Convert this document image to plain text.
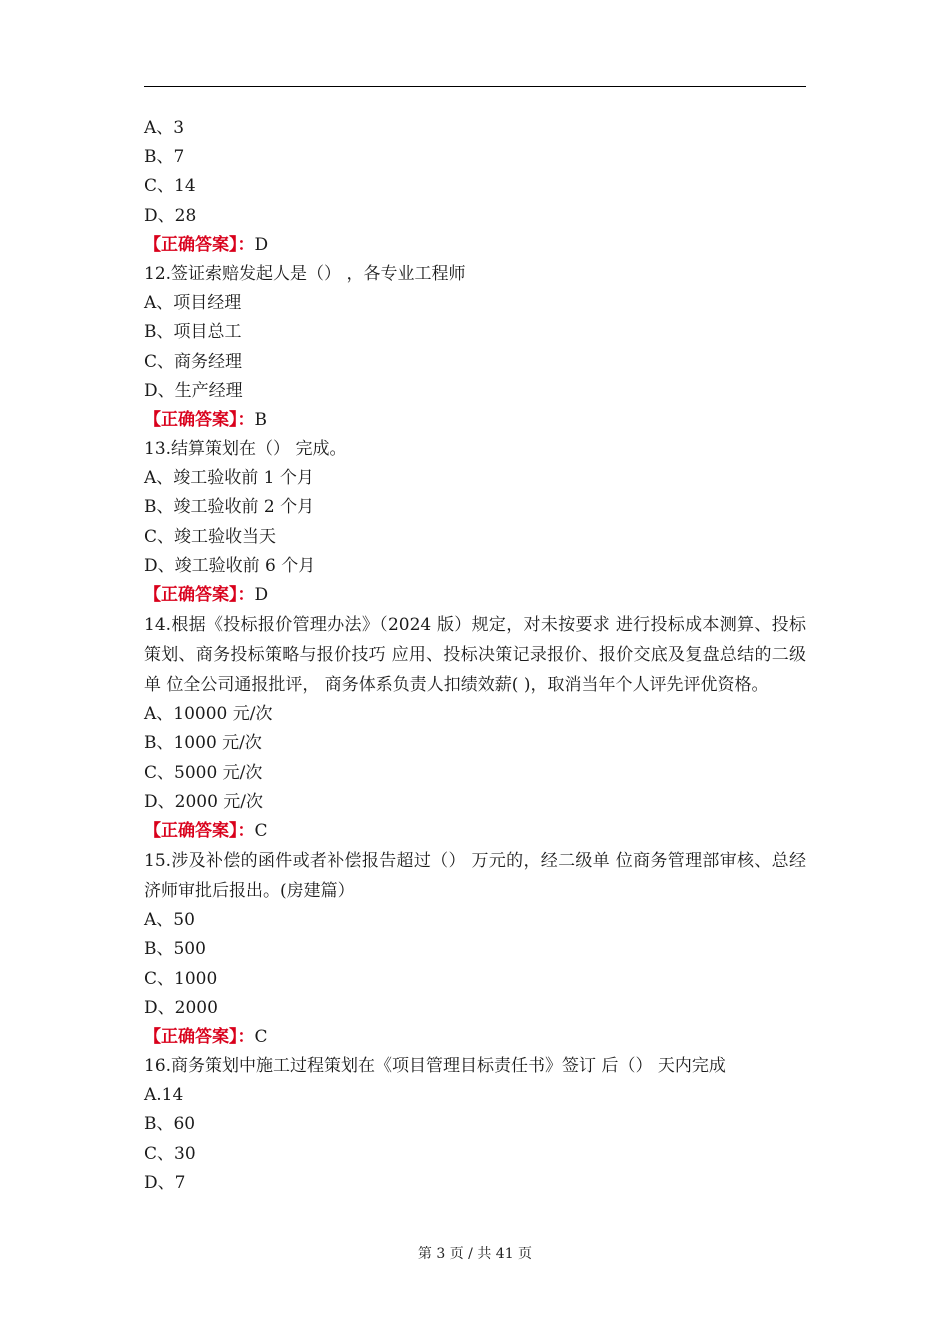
A、3
B、7
C、14
D、28
【正确答案】：D
12.签证索赔发起人是（） ，各专业工程师
A、项目经理
B、项目总工
C、商务经理
D、生产经理
【正确答案】：B
13.结算策划在（） 完成。
A、竣工验收前 1 个月
B、竣工验收前 2 个月
C、竣工验收当天
D、竣工验收前 6 个月
【正确答案】：D
14.根据《投标报价管理办法》（2024 版）规定，对未按要求 进行投标成本测算、投标策划、商务投标策略与报价技巧 应用、投标决策记录报价、报价交底及复盘总结的二级单 位全公司通报批评， 商务体系负责人扣绩效薪( )，取消当年个人评先评优资格。
A、10000 元/次
B、1000 元/次
C、5000 元/次
D、2000 元/次
【正确答案】：C
15.涉及补偿的函件或者补偿报告超过（） 万元的，经二级单 位商务管理部审核、总经济师审批后报出。(房建篇）
A、50
B、500
C、1000
D、2000
【正确答案】：C
16.商务策划中施工过程策划在《项目管理目标责任书》签订 后（） 天内完成
A.14
B、60
C、30
D、7
第 3 页 / 共 41 页
